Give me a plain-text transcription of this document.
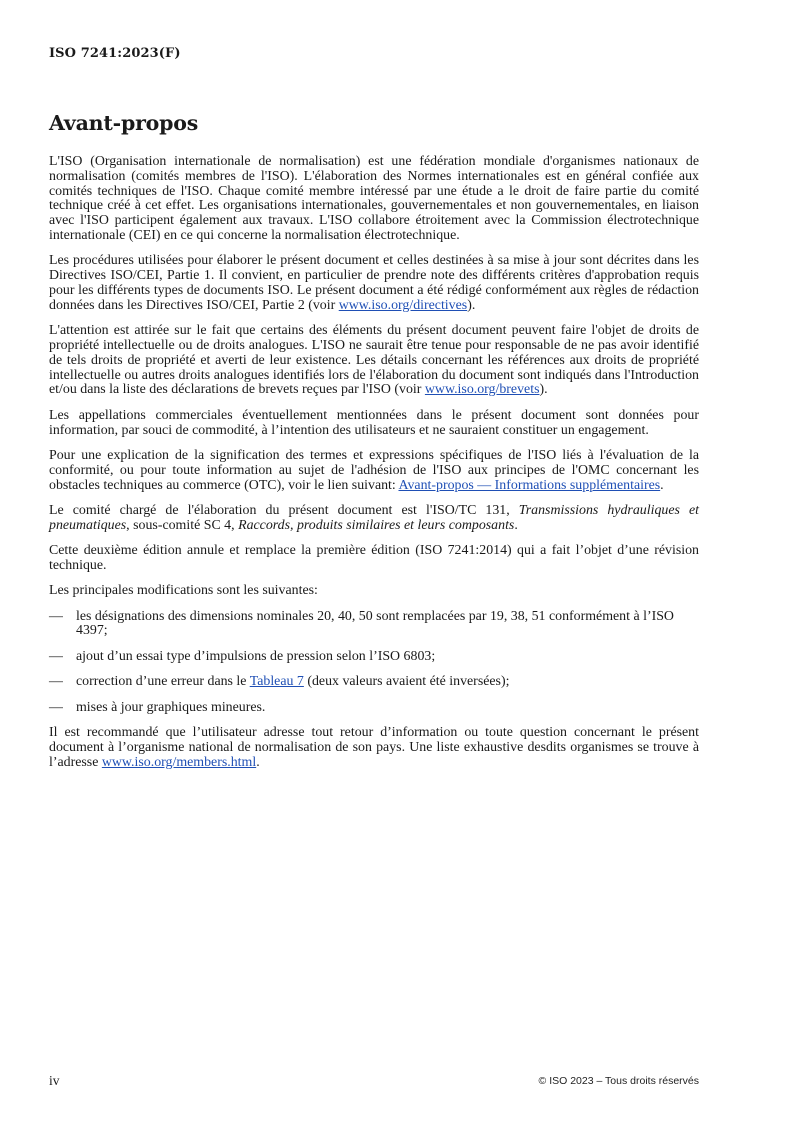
ISO 7241:2023(F)
Avant-propos

L'ISO (Organisation internationale de normalisation) est une fédération mondiale d'organismes nationaux de normalisation (comités membres de l'ISO). L'élaboration des Normes internationales est en général confiée aux comités techniques de l'ISO. Chaque comité membre intéressé par une étude a le droit de faire partie du comité technique créé à cet effet. Les organisations internationales, gouvernementales et non gouvernementales, en liaison avec l'ISO participent également aux travaux. L'ISO collabore étroitement avec la Commission électrotechnique internationale (CEI) en ce qui concerne la normalisation électrotechnique.

Les procédures utilisées pour élaborer le présent document et celles destinées à sa mise à jour sont décrites dans les Directives ISO/CEI, Partie 1. Il convient, en particulier de prendre note des différents critères d'approbation requis pour les différents types de documents ISO. Le présent document a été rédigé conformément aux règles de rédaction données dans les Directives ISO/CEI, Partie 2 (voir www.iso.org/directives).

L'attention est attirée sur le fait que certains des éléments du présent document peuvent faire l'objet de droits de propriété intellectuelle ou de droits analogues. L'ISO ne saurait être tenue pour responsable de ne pas avoir identifié de tels droits de propriété et averti de leur existence. Les détails concernant les références aux droits de propriété intellectuelle ou autres droits analogues identifiés lors de l'élaboration du document sont indiqués dans l'Introduction et/ou dans la liste des déclarations de brevets reçues par l'ISO (voir www.iso.org/brevets).

Les appellations commerciales éventuellement mentionnées dans le présent document sont données pour information, par souci de commodité, à l’intention des utilisateurs et ne sauraient constituer un engagement.

Pour une explication de la signification des termes et expressions spécifiques de l'ISO liés à l'évaluation de la conformité, ou pour toute information au sujet de l'adhésion de l'ISO aux principes de l'OMC concernant les obstacles techniques au commerce (OTC), voir le lien suivant: Avant-propos — Informations supplémentaires.

Le comité chargé de l'élaboration du présent document est l'ISO/TC 131, Transmissions hydrauliques et pneumatiques, sous-comité SC 4, Raccords, produits similaires et leurs composants.

Cette deuxième édition annule et remplace la première édition (ISO 7241:2014) qui a fait l’objet d’une révision technique.

Les principales modifications sont les suivantes:

— les désignations des dimensions nominales 20, 40, 50 sont remplacées par 19, 38, 51 conformément à l’ISO 4397;
— ajout d’un essai type d’impulsions de pression selon l’ISO 6803;
— correction d’une erreur dans le Tableau 7 (deux valeurs avaient été inversées);
— mises à jour graphiques mineures.

Il est recommandé que l’utilisateur adresse tout retour d’information ou toute question concernant le présent document à l’organisme national de normalisation de son pays. Une liste exhaustive desdits organismes se trouve à l’adresse www.iso.org/members.html.

iv	© ISO 2023 – Tous droits réservés
